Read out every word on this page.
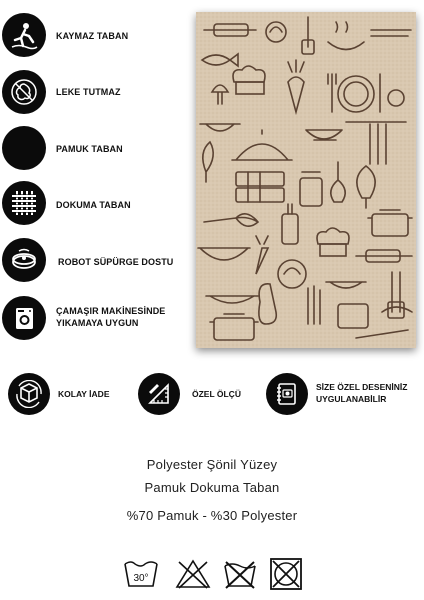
KAYMAZ TABAN
LEKE TUTMAZ
PAMUK TABAN
DOKUMA TABAN
ROBOT SÜPÜRGE DOSTU
ÇAMAŞIR MAKİNESİNDE
YIKAMAYA UYGUN
KOLAY İADE	ÖZEL ÖLÇÜ
SİZE ÖZEL DESENİNİZ
UYGULANABİLİR
Polyester Şönil Yüzey
Pamuk Dokuma Taban
%70 Pamuk - %30 Polyester
30°
